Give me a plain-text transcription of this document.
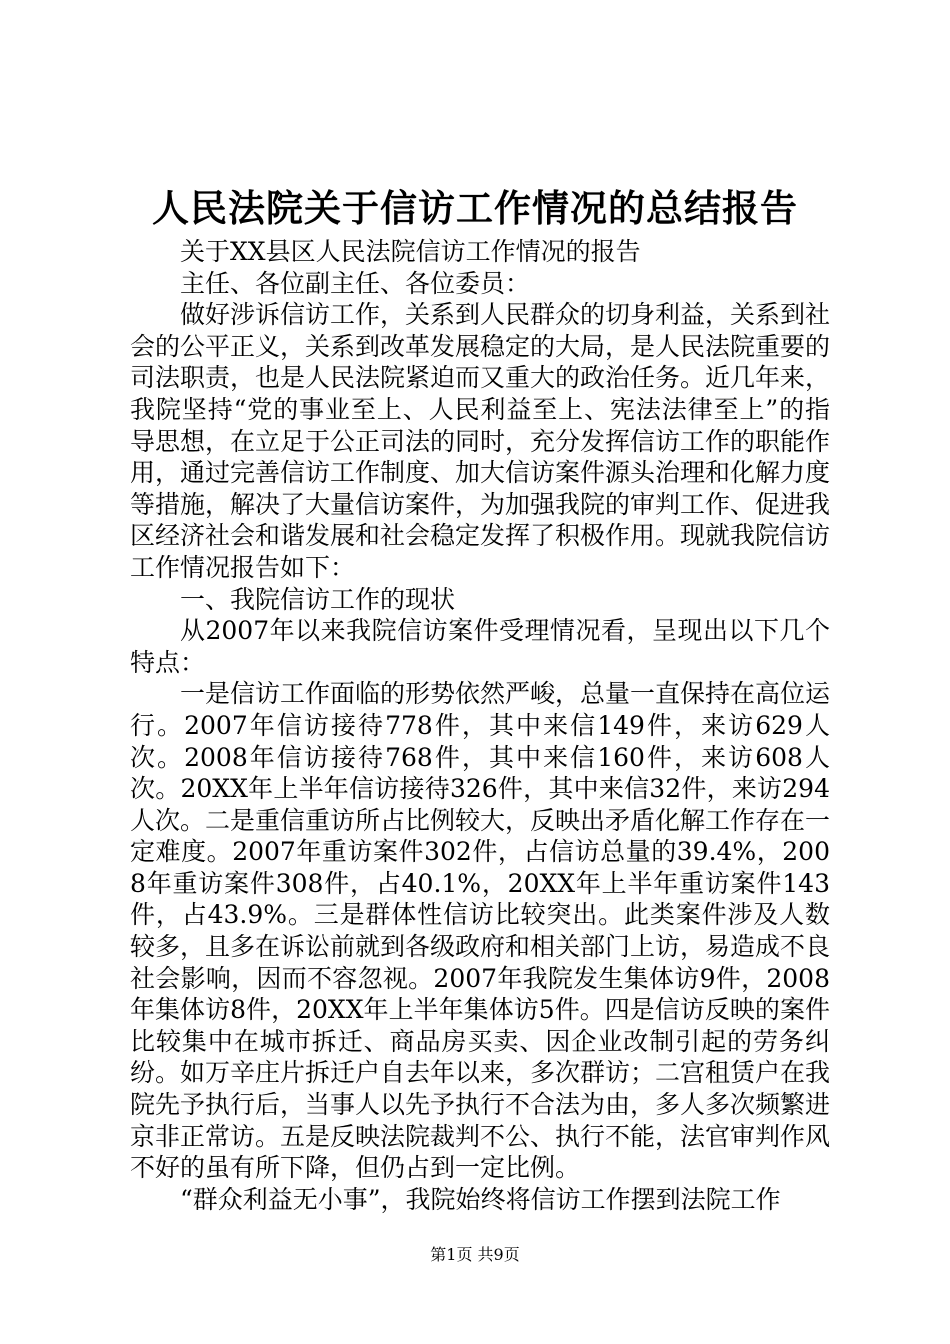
人民法院关于信访工作情况的总结报告

关于XX县区人民法院信访工作情况的报告

主任、各位副主任、各位委员：

做好涉诉信访工作，关系到人民群众的切身利益，关系到社会的公平正义，关系到改革发展稳定的大局，是人民法院重要的司法职责，也是人民法院紧迫而又重大的政治任务。近几年来，我院坚持“党的事业至上、人民利益至上、宪法法律至上”的指导思想，在立足于公正司法的同时，充分发挥信访工作的职能作用，通过完善信访工作制度、加大信访案件源头治理和化解力度等措施，解决了大量信访案件，为加强我院的审判工作、促进我区经济社会和谐发展和社会稳定发挥了积极作用。现就我院信访工作情况报告如下：

一、我院信访工作的现状

从2007年以来我院信访案件受理情况看，呈现出以下几个特点：

一是信访工作面临的形势依然严峻，总量一直保持在高位运行。2007年信访接待778件，其中来信149件，来访629人次。2008年信访接待768件，其中来信160件，来访608人次。20XX年上半年信访接待326件，其中来信32件，来访294人次。二是重信重访所占比例较大，反映出矛盾化解工作存在一定难度。2007年重访案件302件，占信访总量的39.4%，2008年重访案件308件，占40.1%，20XX年上半年重访案件143件，占43.9%。三是群体性信访比较突出。此类案件涉及人数较多，且多在诉讼前就到各级政府和相关部门上访，易造成不良社会影响，因而不容忽视。2007年我院发生集体访9件，2008年集体访8件，20XX年上半年集体访5件。四是信访反映的案件比较集中在城市拆迁、商品房买卖、因企业改制引起的劳务纠纷。如万辛庄片拆迁户自去年以来，多次群访；二宫租赁户在我院先予执行后，当事人以先予执行不合法为由，多人多次频繁进京非正常访。五是反映法院裁判不公、执行不能，法官审判作风不好的虽有所下降，但仍占到一定比例。

“群众利益无小事”，我院始终将信访工作摆到法院工作

第1页 共9页
